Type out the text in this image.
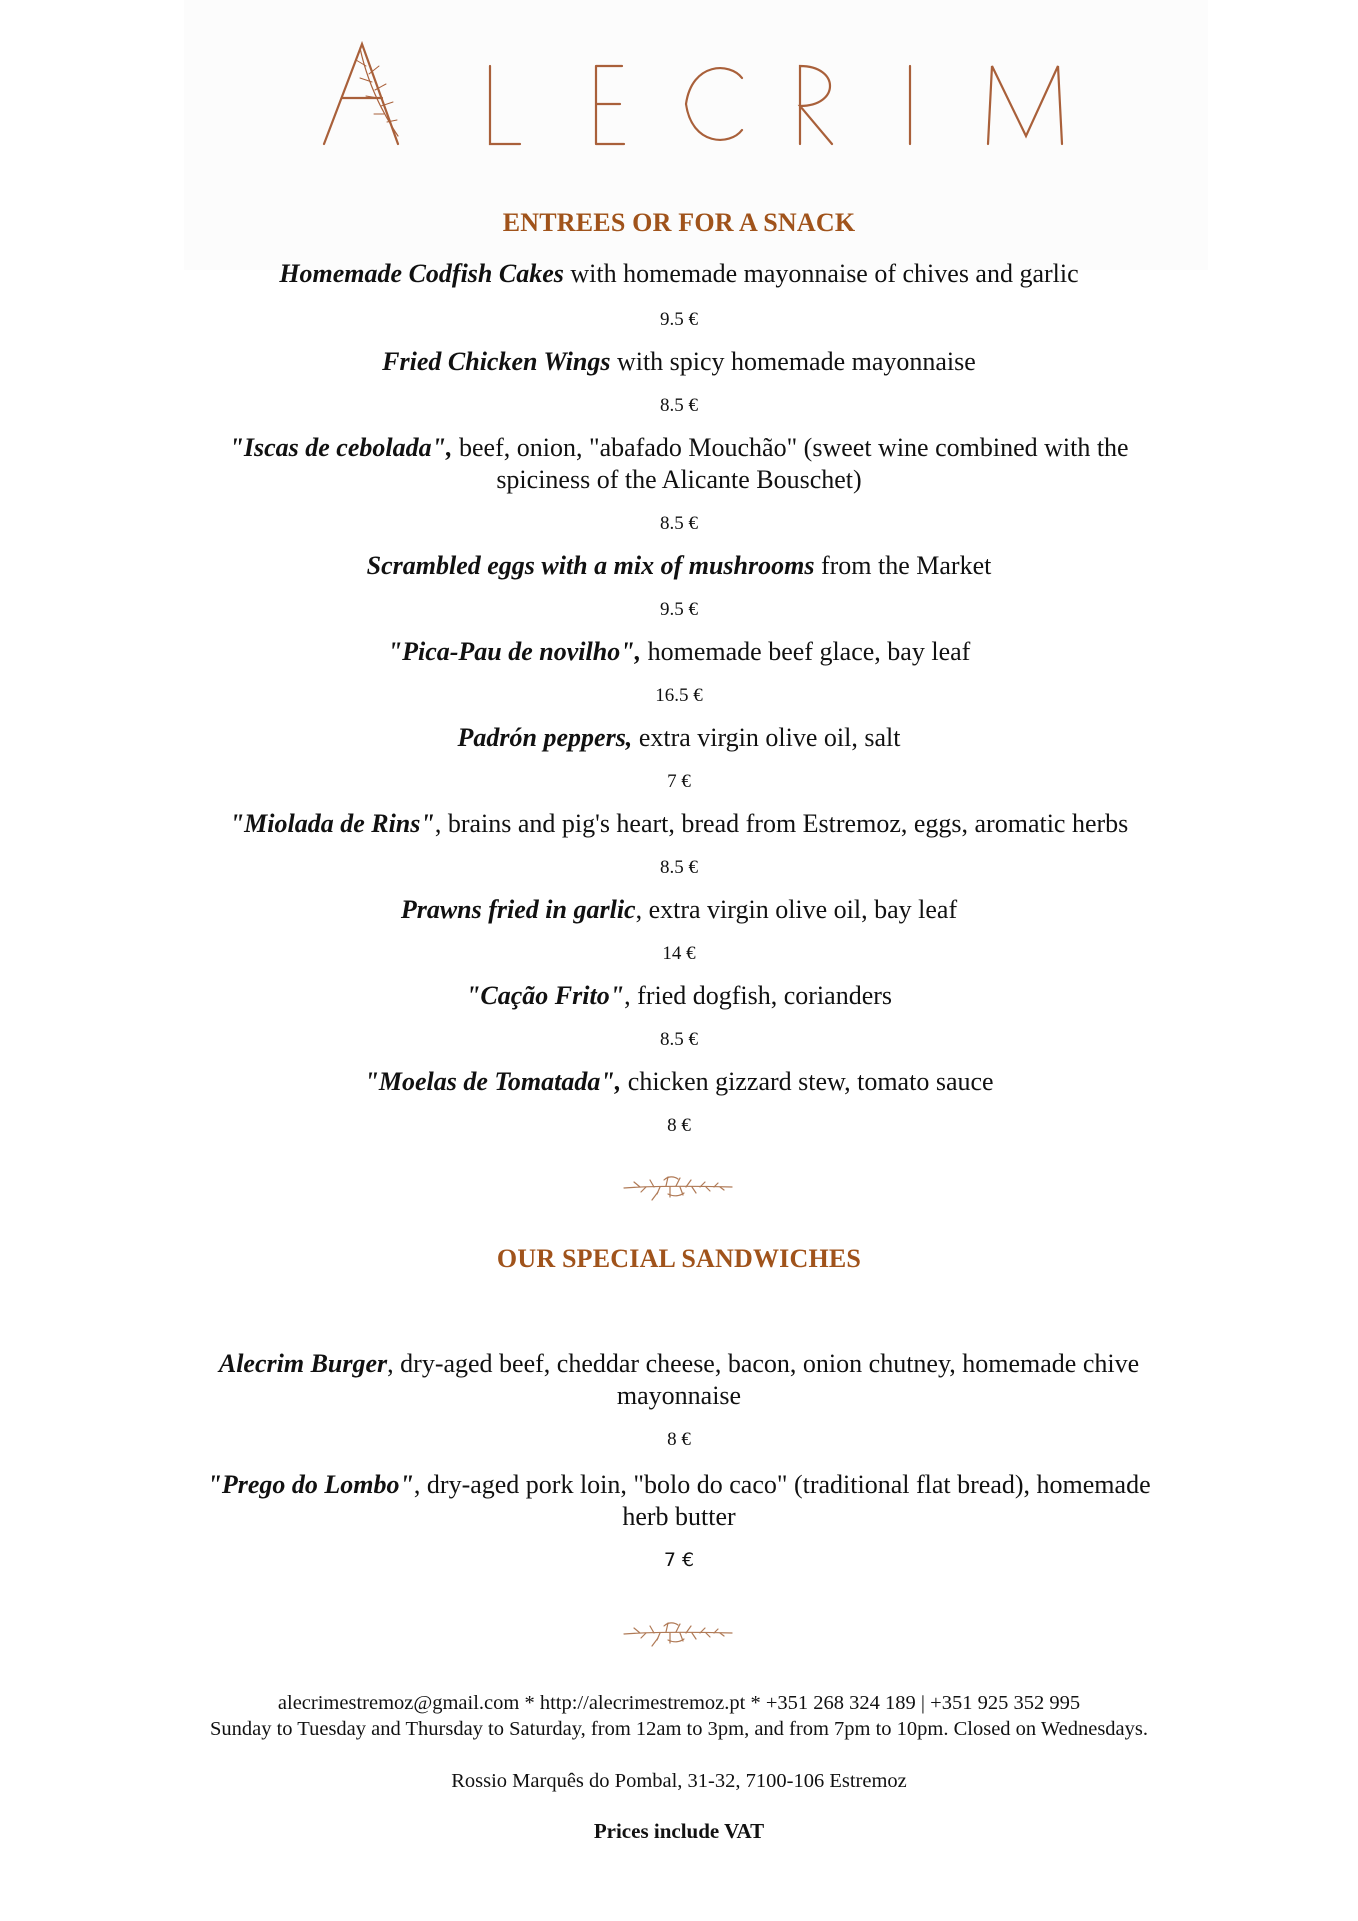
ENTREES OR FOR A SNACK
Homemade Codfish Cakes with homemade mayonnaise of chives and garlic
9.5 €
Fried Chicken Wings with spicy homemade mayonnaise
8.5 €
"Iscas de cebolada", beef, onion, "abafado Mouchão" (sweet wine combined with the spiciness of the Alicante Bouschet)
8.5 €
Scrambled eggs with a mix of mushrooms from the Market
9.5 €
"Pica-Pau de novilho", homemade beef glace, bay leaf
16.5 €
Padrón peppers, extra virgin olive oil, salt
7 €
"Miolada de Rins", brains and pig's heart, bread from Estremoz, eggs, aromatic herbs
8.5 €
Prawns fried in garlic, extra virgin olive oil, bay leaf
14 €
"Cação Frito", fried dogfish, corianders
8.5 €
"Moelas de Tomatada", chicken gizzard stew, tomato sauce
8 €
OUR SPECIAL SANDWICHES
Alecrim Burger, dry-aged beef, cheddar cheese, bacon, onion chutney, homemade chive mayonnaise
8 €
"Prego do Lombo", dry-aged pork loin, "bolo do caco" (traditional flat bread), homemade herb butter
7 €
alecrimestremoz@gmail.com * http://alecrimestremoz.pt * +351 268 324 189 | +351 925 352 995
Sunday to Tuesday and Thursday to Saturday, from 12am to 3pm, and from 7pm to 10pm. Closed on Wednesdays.
Rossio Marquês do Pombal, 31-32, 7100-106 Estremoz
Prices include VAT
